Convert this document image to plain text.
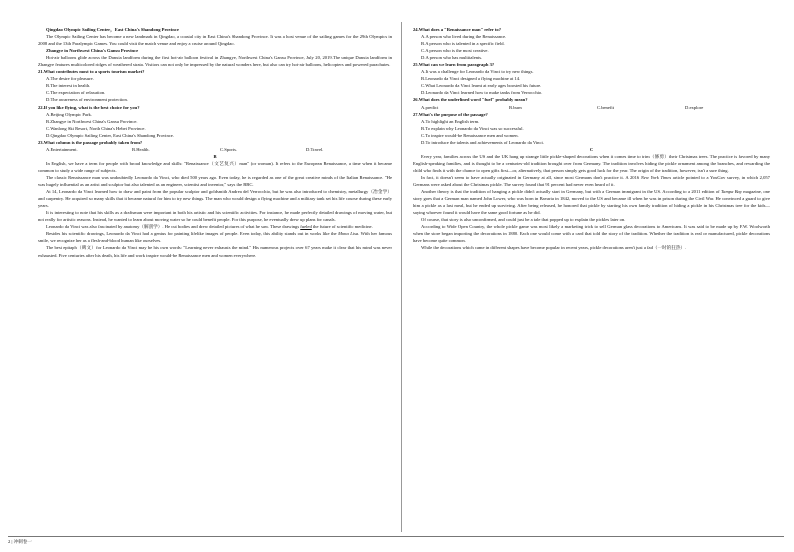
Qingdao Olympic Sailing Center，East China's Shandong Province

The Olympic Sailing Center has become a new landmark in Qingdao, a coastal city in East China's Shandong Province. It was a host venue of the sailing games for the 29th Olympics in 2008 and the 13th Paralympic Games. You could visit the match venue and enjoy a cruise around Qingdao.

Zhangye in Northwest China's Gansu Province

Hot-air balloons glide across the Danxia landform during the first hot-air balloon festival in Zhangye, Northwest China's Gansu Province, July 20, 2019.The unique Danxia landform in Zhangye features multicolored ridges of weathered strata. Visitors can not only be impressed by the natural wonders here, but also can try hot-air balloons, helicopters and powered parachutes.

21.What contributes most to a sports tourism market?

A.The desire for pleasure.

B.The interest in health.

C.The expectation of relaxation.

D.The awareness of environment protection.

22.If you like flying, what is the best choice for you?

A.Beijing Olympic Park.

B.Zhangye in Northwest China's Gansu Province.

C.Wanlong Ski Resort, North China's Hebei Province.

D.Qingdao Olympic Sailing Center, East China's Shandong Province.

23.What column is the passage probably taken from?

A.Entertainment.	B.Health.	C.Sports.	D.Travel.

B

In English, we have a term for people with broad knowledge and skills: "Renaissance（文艺复兴）man" (or woman). It refers to the European Renaissance, a time when it became common to study a wide range of subjects.

The classic Renaissance man was undoubtedly Leonardo da Vinci, who died 500 years ago. Even today, he is regarded as one of the great creative minds of the Italian Renaissance. "He was hugely influential as an artist and sculptor but also talented as an engineer, scientist and inventor," says the BBC.

At 14, Leonardo da Vinci learned how to draw and paint from the popular sculptor and goldsmith Andrea del Verrocchio, but he was also introduced to chemistry, metallurgy（冶金学）and carpentry. He acquired so many skills that it became natural for him to try new things. The man who would design a flying machine and a military tank set his life course during these early years.

It is interesting to note that his skills as a draftsman were important in both his artistic and his scientific activities. For instance, he made perfectly detailed drawings of moving water, but not really for artistic reasons. Instead, he wanted to learn about moving water so he could benefit people. For this purpose, he eventually drew up plans for canals.

Leonardo da Vinci was also fascinated by anatomy（解剖学）. He cut bodies and drew detailed pictures of what he saw. These drawings fueled the future of scientific medicine.

Besides his scientific drawings, Leonardo da Vinci had a genius for painting lifelike images of people. Even today, this ability stands out in works like the Mona Lisa. With her famous smile, we recognize her as a flesh-and-blood human like ourselves.

The best epitaph（碑文）for Leonardo da Vinci may be his own words: "Learning never exhausts the mind." His numerous projects over 67 years make it clear that his mind was never exhausted. Five centuries after his death, his life and work inspire would-be Renaissance men and women everywhere.

24.What does a "Renaissance man" refer to?

A.A person who lived during the Renaissance.

B.A person who is talented in a specific field.

C.A person who is the most creative.

D.A person who has multitalents.

25.What can we learn from paragraph 3?

A.It was a challenge for Leonardo da Vinci to try new things.

B.Leonardo da Vinci designed a flying machine at 14.

C.What Leonardo da Vinci learnt at early ages boosted his future.

D.Leonardo da Vinci learned how to make tanks from Verrocchio.

26.What does the underlined word "fuel" probably mean?

A.predict	B.burn	C.benefit	D.explore

27.What's the purpose of the passage?

A.To highlight an English term.

B.To explain why Leonardo da Vinci was so successful.

C.To inspire would-be Renaissance men and women.

D.To introduce the talents and achievements of Leonardo da Vinci.

C

Every year, families across the US and the UK hang up strange little pickle-shaped decorations when it comes time to trim（修剪）their Christmas trees. The practice is favored by many English-speaking families, and is thought to be a centuries-old tradition brought over from Germany. The tradition involves hiding the pickle ornament among the branches, and rewarding the child who finds it with the chance to open gifts first—or, alternatively, that person simply gets good luck for the year. The origin of the tradition, however, isn't a sure thing.

In fact, it doesn't seem to have actually originated in Germany at all, since most Germans don't practice it. A 2016 New York Times article pointed to a YouGov survey, in which 2,057 Germans were asked about the Christmas pickle. The survey found that 91 percent had never even heard of it.

Another theory is that the tradition of hanging a pickle didn't actually start in Germany, but with a German immigrant in the US. According to a 2011 edition of Tampa Bay magazine, one story goes that a German man named John Lower, who was born in Bavaria in 1842, moved to the US and became ill when he was in prison during the Civil War. He convinced a guard to give him a pickle as a last meal, but he ended up surviving. After being released, he honored that pickle by starting his own family tradition of hiding a pickle in his Christmas tree for the kids—saying whoever found it would have the same good fortune as he did.

Of course, that story is also unconfirmed, and could just be a tale that popped up to explain the pickles later on.

According to Wide Open Country, the whole pickle game was most likely a marketing trick to sell German glass decorations to Americans. It was said to be made up by F.W. Woolworth when the store began importing the decorations in 1880. Each one would come with a card that told the story of the tradition. Whether the tradition is real or manufactured, pickle decorations have become quite common.

While the decorations which came in different shapes have become popular in recent years, pickle decorations aren't just a fad（一时的狂热）.

2 | 冲刺卷一
